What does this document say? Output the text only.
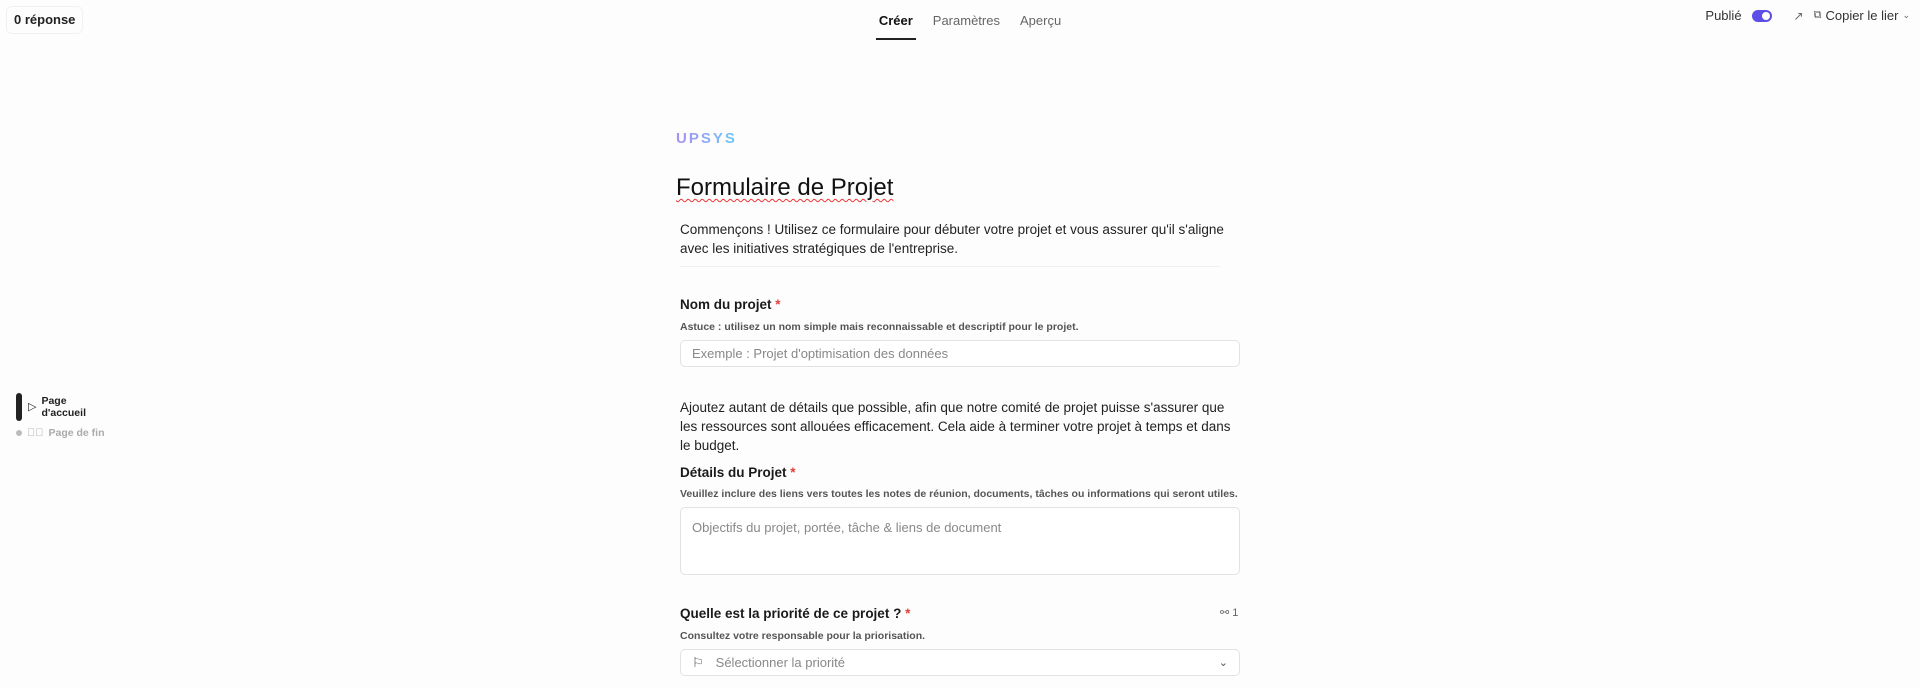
0 réponse	Créer Paramètres Aperçu	Publié	↗ ⧉ Copier le lier ⌄
▷ Page
d'accueil
✓⃝ Page de fin
UPSYS
Formulaire de Projet
Commençons ! Utilisez ce formulaire pour débuter votre projet et vous assurer qu'il s'aligne avec les initiatives stratégiques de l'entreprise.
Nom du projet *
Astuce : utilisez un nom simple mais reconnaissable et descriptif pour le projet.
Exemple : Projet d'optimisation des données
Ajoutez autant de détails que possible, afin que notre comité de projet puisse s'assurer que les ressources sont allouées efficacement. Cela aide à terminer votre projet à temps et dans le budget.
Détails du Projet *
Veuillez inclure des liens vers toutes les notes de réunion, documents, tâches ou informations qui seront utiles.
Objectifs du projet, portée, tâche & liens de document
Quelle est la priorité de ce projet ? *	⚯ 1
Consultez votre responsable pour la priorisation.
⚐ Sélectionner la priorité	⌄
